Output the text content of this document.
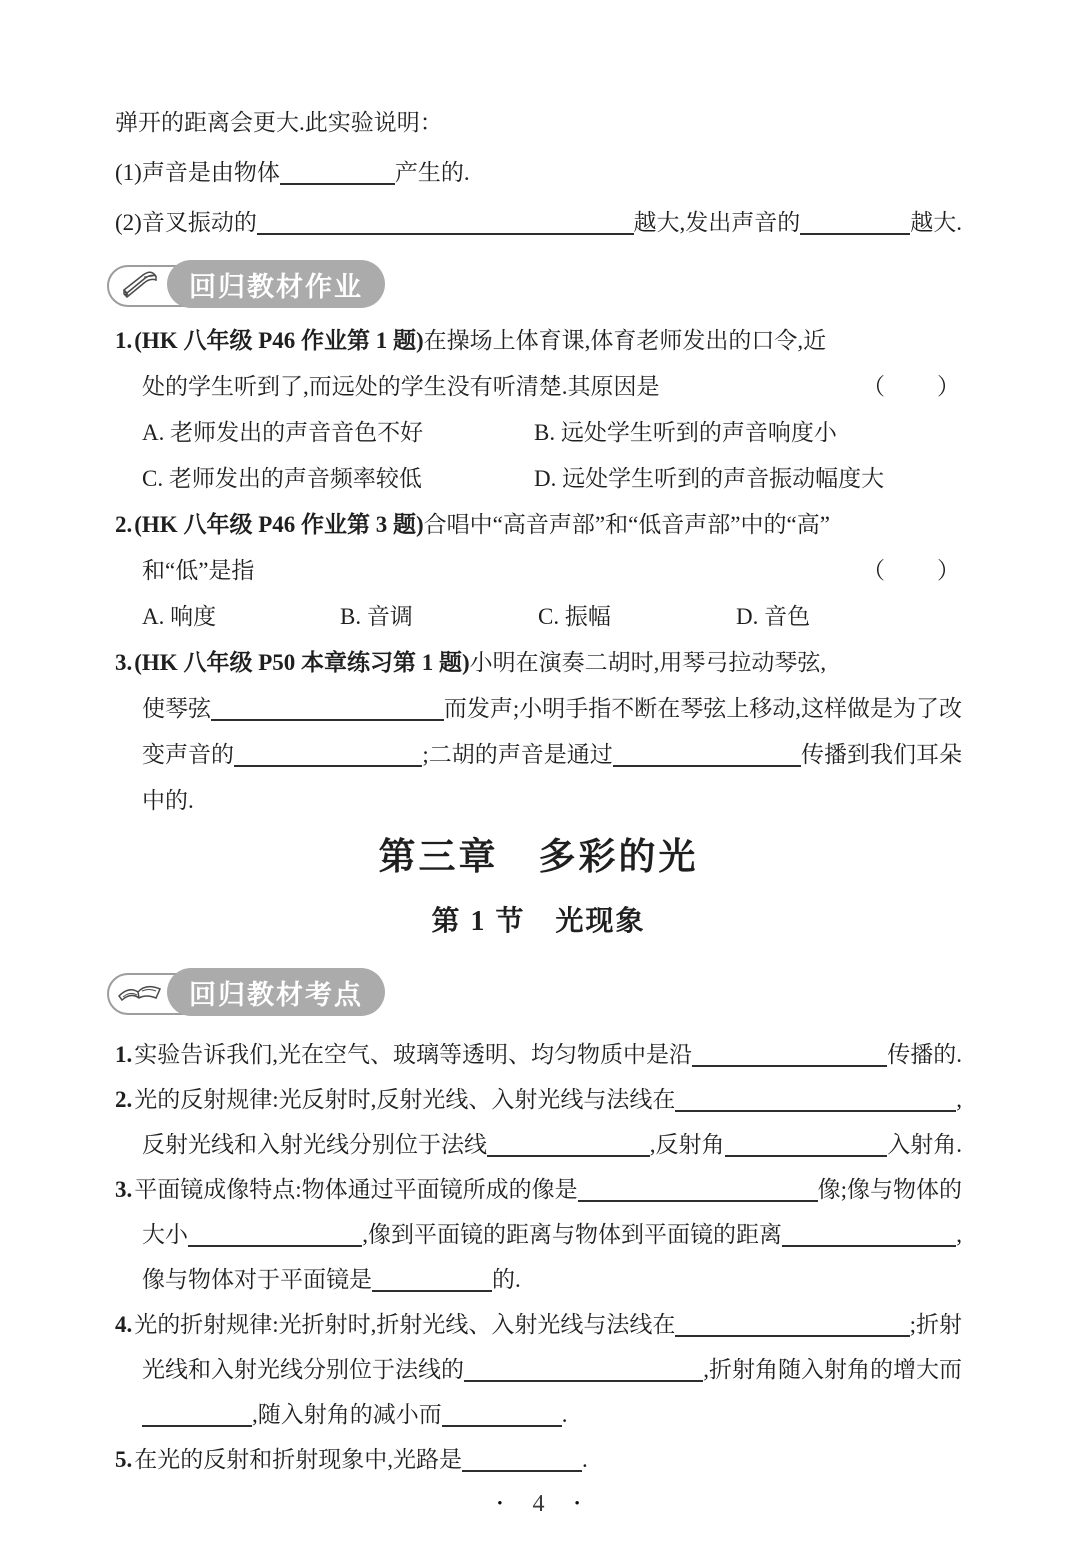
弹开的距离会更大.此实验说明：
(1)声音是由物体	产生的.
(2)音叉振动的	越大,发出声音的	越大.
回归教材作业
1.(HK 八年级 P46 作业第 1 题)在操场上体育课,体育老师发出的口令,近
处的学生听到了,而远处的学生没有听清楚.其原因是	（　　）
A. 老师发出的声音音色不好	B. 远处学生听到的声音响度小
C. 老师发出的声音频率较低	D. 远处学生听到的声音振动幅度大
2.(HK 八年级 P46 作业第 3 题)合唱中“高音声部”和“低音声部”中的“高”
和“低”是指	（　　）
A. 响度	B. 音调	C. 振幅	D. 音色
3.(HK 八年级 P50 本章练习第 1 题)小明在演奏二胡时,用琴弓拉动琴弦,
使琴弦	而发声;小明手指不断在琴弦上移动,这样做是为了改
变声音的	;二胡的声音是通过	传播到我们耳朵
中的.
第三章　多彩的光
第 1 节　光现象
回归教材考点
1. 实验告诉我们,光在空气、玻璃等透明、均匀物质中是沿	传播的.
2. 光的反射规律:光反射时,反射光线、入射光线与法线在	,
反射光线和入射光线分别位于法线	,反射角	入射角.
3. 平面镜成像特点:物体通过平面镜所成的像是	像;像与物体的
大小	,像到平面镜的距离与物体到平面镜的距离	,
像与物体对于平面镜是	的.
4. 光的折射规律:光折射时,折射光线、入射光线与法线在	;折射
光线和入射光线分别位于法线的	,折射角随入射角的增大而
,随入射角的减小而	.
5.在光的反射和折射现象中,光路是	.
• 4 •
